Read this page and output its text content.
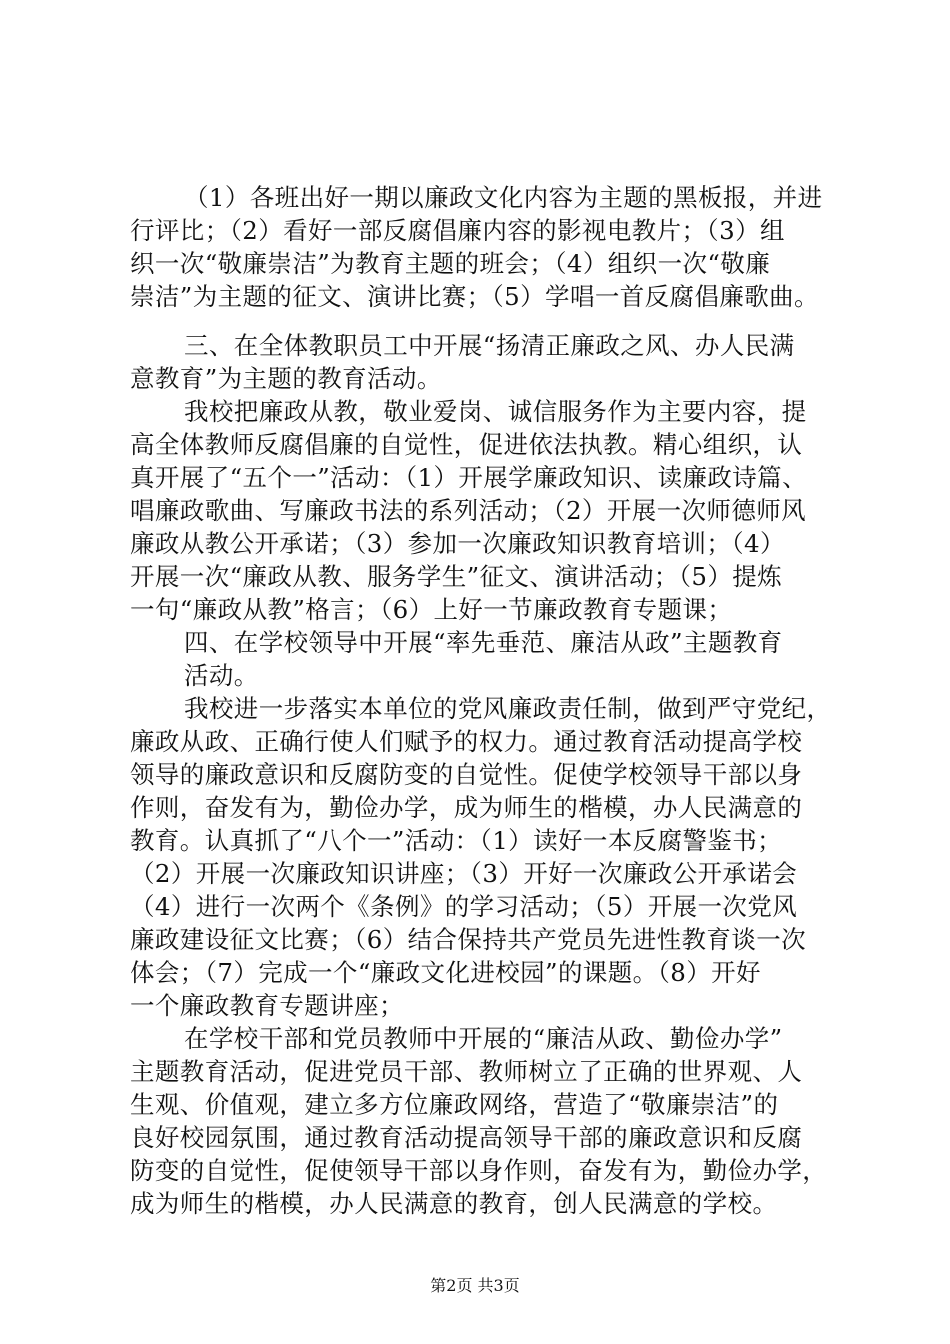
（1）各班出好一期以廉政文化内容为主题的黑板报，并进
行评比；（2）看好一部反腐倡廉内容的影视电教片；（3）组
织一次“敬廉崇洁”为教育主题的班会；（4）组织一次“敬廉
崇洁”为主题的征文、演讲比赛；（5）学唱一首反腐倡廉歌曲。
三、在全体教职员工中开展“扬清正廉政之风、办人民满
意教育”为主题的教育活动。
我校把廉政从教，敬业爱岗、诚信服务作为主要内容，提
高全体教师反腐倡廉的自觉性，促进依法执教。精心组织，认
真开展了“五个一”活动：（1）开展学廉政知识、读廉政诗篇、
唱廉政歌曲、写廉政书法的系列活动；（2）开展一次师德师风
廉政从教公开承诺；（3）参加一次廉政知识教育培训；（4）
开展一次“廉政从教、服务学生”征文、演讲活动；（5）提炼
一句“廉政从教”格言；（6）上好一节廉政教育专题课；
四、在学校领导中开展“率先垂范、廉洁从政”主题教育
活动。
我校进一步落实本单位的党风廉政责任制，做到严守党纪，
廉政从政、正确行使人们赋予的权力。通过教育活动提高学校
领导的廉政意识和反腐防变的自觉性。促使学校领导干部以身
作则，奋发有为，勤俭办学，成为师生的楷模，办人民满意的
教育。认真抓了“八个一”活动：（1）读好一本反腐警鉴书；
（2）开展一次廉政知识讲座；（3）开好一次廉政公开承诺会
（4）进行一次两个《条例》的学习活动；（5）开展一次党风
廉政建设征文比赛；（6）结合保持共产党员先进性教育谈一次
体会；（7）完成一个“廉政文化进校园”的课题。（8）开好
一个廉政教育专题讲座；
在学校干部和党员教师中开展的“廉洁从政、勤俭办学”
主题教育活动，促进党员干部、教师树立了正确的世界观、人
生观、价值观，建立多方位廉政网络，营造了“敬廉崇洁”的
良好校园氛围，通过教育活动提高领导干部的廉政意识和反腐
防变的自觉性，促使领导干部以身作则，奋发有为，勤俭办学，
成为师生的楷模，办人民满意的教育，创人民满意的学校。
第2页 共3页
